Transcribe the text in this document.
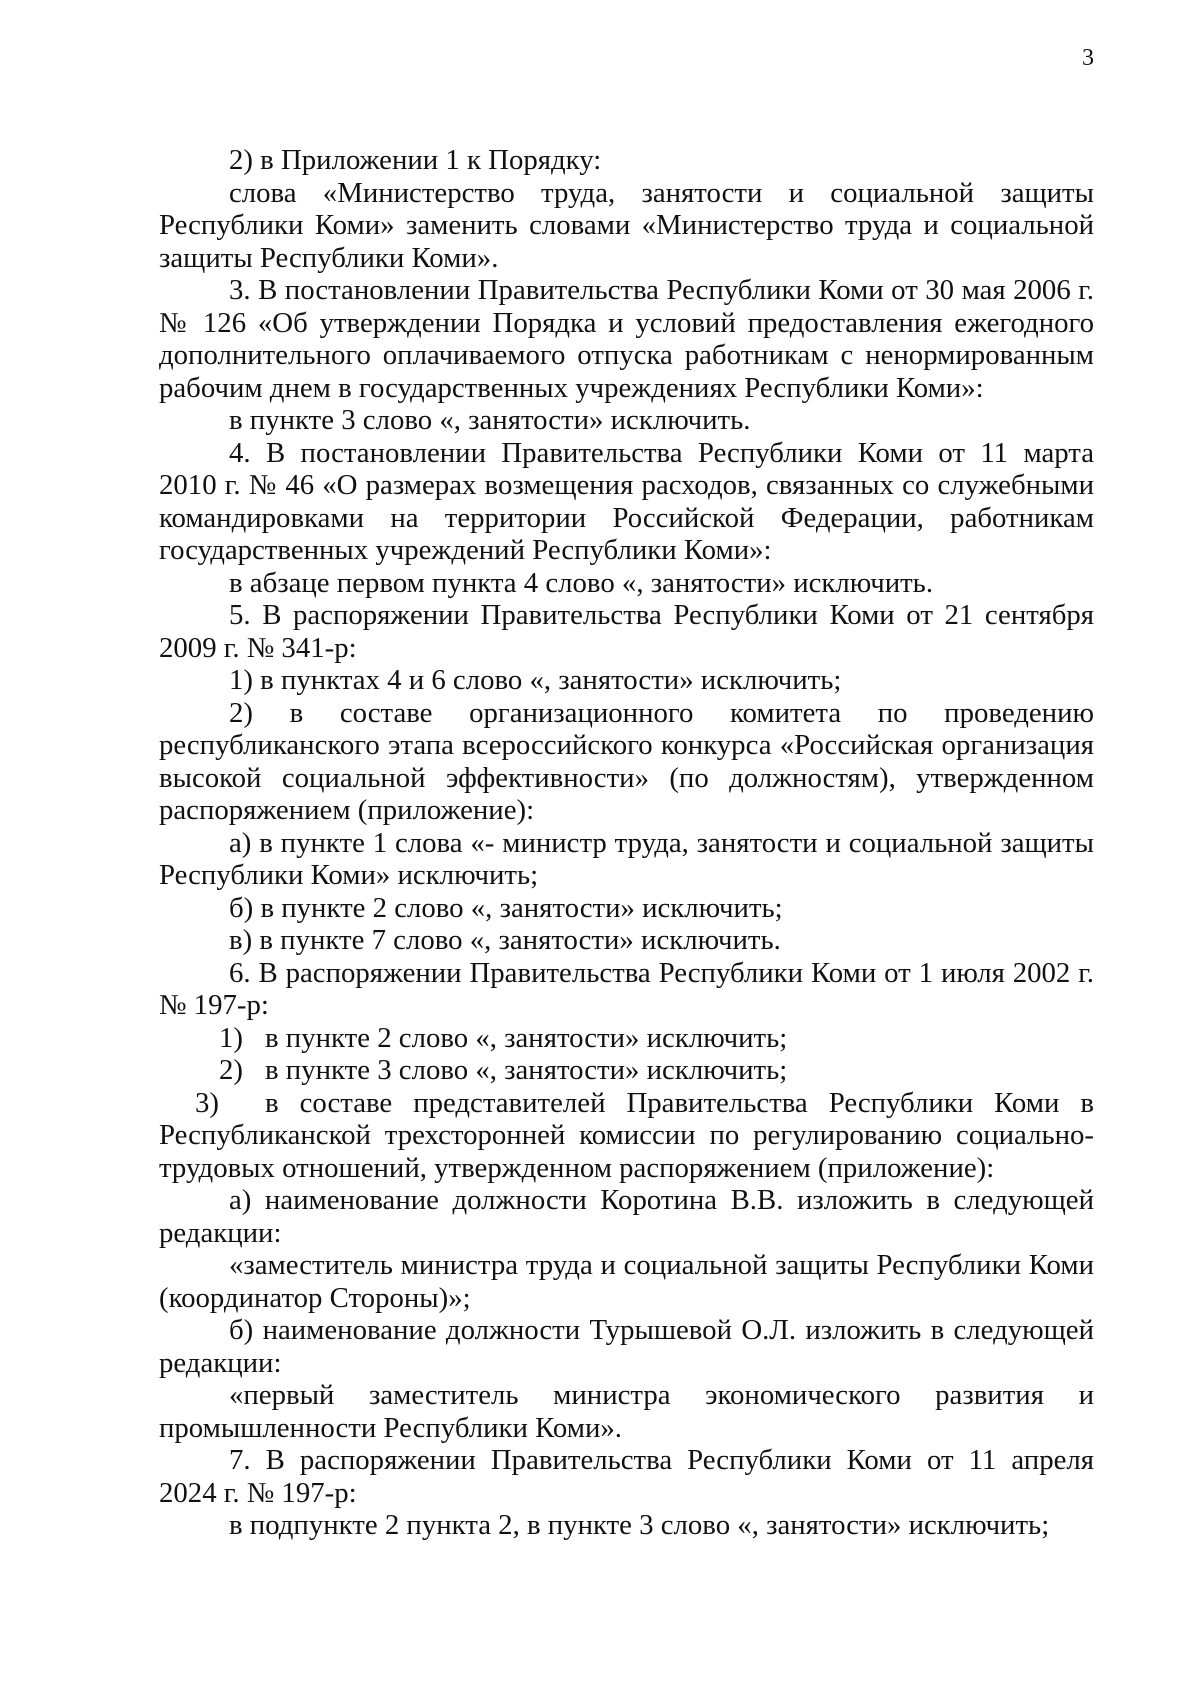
3

2) в Приложении 1 к Порядку:

слова «Министерство труда, занятости и социальной защиты

Республики Коми» заменить словами «Министерство труда и социальной

защиты Республики Коми».

3. В постановлении Правительства Республики Коми от 30 мая 2006 г.

№ 126 «Об утверждении Порядка и условий предоставления ежегодного

дополнительного оплачиваемого отпуска работникам с ненормированным

рабочим днем в государственных учреждениях Республики Коми»:

в пункте 3 слово «, занятости» исключить.

4. В постановлении Правительства Республики Коми от 11 марта

2010 г. № 46 «О размерах возмещения расходов, связанных со служебными

командировками на территории Российской Федерации, работникам

государственных учреждений Республики Коми»:

в абзаце первом пункта 4 слово «, занятости» исключить.

5. В распоряжении Правительства Республики Коми от 21 сентября

2009 г. № 341-р:

1) в пунктах 4 и 6 слово «, занятости» исключить;

2) в составе организационного комитета по проведению

республиканского этапа всероссийского конкурса «Российская организация

высокой социальной эффективности» (по должностям), утвержденном

распоряжением (приложение):

а) в пункте 1 слова «- министр труда, занятости и социальной защиты

Республики Коми» исключить;

б) в пункте 2 слово «, занятости» исключить;

в) в пункте 7 слово «, занятости» исключить.

6. В распоряжении Правительства Республики Коми от 1 июля 2002 г.

№ 197-р:

1) в пункте 2 слово «, занятости» исключить;

2) в пункте 3 слово «, занятости» исключить;

3) в составе представителей Правительства Республики Коми в

Республиканской трехсторонней комиссии по регулированию социально-

трудовых отношений, утвержденном распоряжением (приложение):

а) наименование должности Коротина В.В. изложить в следующей

редакции:

«заместитель министра труда и социальной защиты Республики Коми

(координатор Стороны)»;

б) наименование должности Турышевой О.Л. изложить в следующей

редакции:

«первый заместитель министра экономического развития и

промышленности Республики Коми».

7. В распоряжении Правительства Республики Коми от 11 апреля

2024 г. № 197-р:

в подпункте 2 пункта 2, в пункте 3 слово «, занятости» исключить;
